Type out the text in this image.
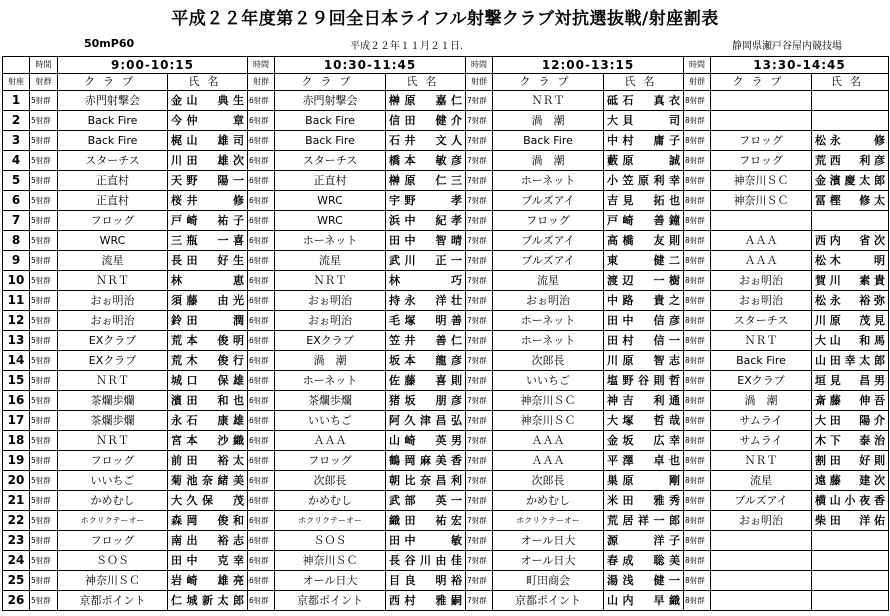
平成２２年度第２９回全日本ライフル射撃クラブ対抗選抜戦/射座割表
50mP60	平成２２年１１月２１日.	静岡県瀬戸谷屋内競技場
	時間	9:00-10:15		時間	10:30-11:45		時間	12:00-13:15		時間	13:30-14:45	
射座	射群	クラブ	氏名	射群	クラブ	氏名	射群	クラブ	氏名	射群	クラブ	氏名
1	5射群	赤門射撃会	金山　典生	6射群	赤門射撃会	榊原　嘉仁	7射群	ＮＲＴ	砥石　真衣	8射群		
2	5射群	Back Fire	今仲　　章	6射群	Back Fire	信田　健介	7射群	渦　潮	大貝　　司	8射群		
3	5射群	Back Fire	梶山　雄司	6射群	Back Fire	石井　文人	7射群	Back Fire	中村　庸子	8射群	フロッグ	松永　　修
4	5射群	スターチス	川田　雄次	6射群	スターチス	橋本　敏彦	7射群	渦　潮	藪原　　誠	8射群	フロッグ	荒西　利彦
5	5射群	正直村	天野　陽一	6射群	正直村	榊原　仁三	7射群	ホーネット	小笠原利幸	8射群	神奈川ＳＣ	金濱慶太郎
6	5射群	正直村	桜井　　修	6射群	WRC	宇野　　孝	7射群	ブルズアイ	吉見　拓也	8射群	神奈川ＳＣ	冨樫　修太
7	5射群	フロッグ	戸崎　祐子	6射群	WRC	浜中　紀孝	7射群	フロッグ	戸崎　善鐘	8射群		
8	5射群	WRC	三瓶　一喜	6射群	ホーネット	田中　智晴	7射群	ブルズアイ	高橋　友則	8射群	ＡＡＡ	西内　省次
9	5射群	流星	長田　好生	6射群	流星	武川　正一	7射群	ブルズアイ	東　　健二	8射群	ＡＡＡ	松木　　明
10	5射群	ＮＲＴ	林　　恵	6射群	ＮＲＴ	林　　巧	7射群	流星	渡辺　一樹	8射群	おぉ明治	賀川　素貴
11	5射群	おぉ明治	須藤　由光	6射群	おぉ明治	持永　洋壮	7射群	おぉ明治	中路　貴之	8射群	おぉ明治	松永　裕弥
12	5射群	おぉ明治	鈴田　　潤	6射群	おぉ明治	毛塚　明善	7射群	ホーネット	田中　信彦	8射群	スターチス	川原　茂見
13	5射群	EXクラブ	荒本　俊明	6射群	EXクラブ	笠井　善仁	7射群	ホーネット	田村　信一	8射群	ＮＲＴ	大山　和馬
14	5射群	EXクラブ	荒木　俊行	6射群	渦　潮	坂本　龍彦	7射群	次郎長	川原　智志	8射群	Back Fire	山田幸太郎
15	5射群	ＮＲＴ	城口　保雄	6射群	ホーネット	佐藤　喜則	7射群	いいちご	塩野谷則哲	8射群	EXクラブ	垣見　昌男
16	5射群	茶爛歩爛	濱田　和也	6射群	茶爛歩爛	猪坂　朋彦	7射群	神奈川ＳＣ	神吉　利通	8射群	渦　潮	斎藤　伸吾
17	5射群	茶爛歩爛	永石　康雄	6射群	いいちご	阿久津昌弘	7射群	神奈川ＳＣ	大塚　哲哉	8射群	サムライ	大田　陽介
18	5射群	ＮＲＴ	宮本　沙織	6射群	ＡＡＡ	山崎　英男	7射群	ＡＡＡ	金坂　広幸	8射群	サムライ	木下　泰治
19	5射群	フロッグ	前田　裕太	6射群	フロッグ	鶴岡麻美香	7射群	ＡＡＡ	平澤　卓也	8射群	ＮＲＴ	割田　好則
20	5射群	いいちご	菊池奈緒美	6射群	次郎長	朝比奈昌利	7射群	次郎長	巣原　　剛	8射群	流星	遠藤　建次
21	5射群	かめむし	大久保　茂	6射群	かめむし	武部　英一	7射群	かめむし	米田　雅秀	8射群	ブルズアイ	横山小夜香
22	5射群	ホクリクテーオー	森岡　俊和	6射群	ホクリクテーオー	織田　祐宏	7射群	ホクリクテーオー	荒居祥一郎	8射群	おぉ明治	柴田　洋佑
23	5射群	フロッグ	南出　裕志	6射群	ＳＯＳ	田中　　敏	7射群	オール日大	源　　洋子	8射群		
24	5射群	ＳＯＳ	田中　克幸	6射群	神奈川ＳＣ	長谷川由佳	7射群	オール日大	春成　聡美	8射群		
25	5射群	神奈川ＳＣ	岩崎　雄亮	6射群	オール日大	目良　明裕	7射群	町田商会	湯浅　健一	8射群		
26	5射群	京都ポイント	仁城新太郎	6射群	京都ポイント	西村　雅嗣	7射群	京都ポイント	山内　早織	8射群		
